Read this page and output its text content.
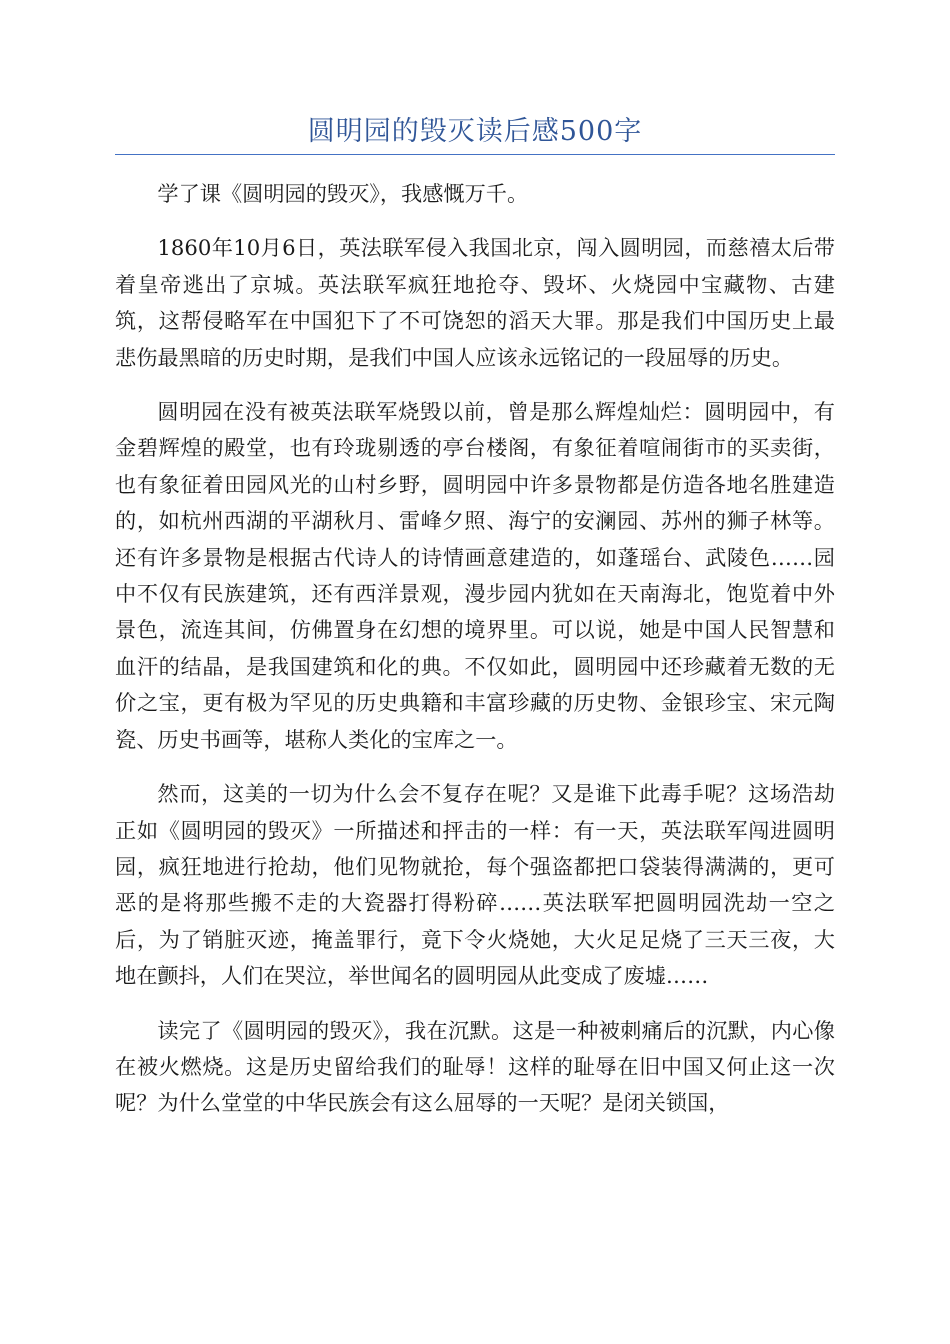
圆明园的毁灭读后感500字

学了课《圆明园的毁灭》，我感慨万千。

1860年10月6日，英法联军侵入我国北京，闯入圆明园，而慈禧太后带着皇帝逃出了京城。英法联军疯狂地抢夺、毁坏、火烧园中宝藏物、古建筑，这帮侵略军在中国犯下了不可饶恕的滔天大罪。那是我们中国历史上最悲伤最黑暗的历史时期，是我们中国人应该永远铭记的一段屈辱的历史。

圆明园在没有被英法联军烧毁以前，曾是那么辉煌灿烂：圆明园中，有金碧辉煌的殿堂，也有玲珑剔透的亭台楼阁，有象征着喧闹街市的买卖街，也有象征着田园风光的山村乡野，圆明园中许多景物都是仿造各地名胜建造的，如杭州西湖的平湖秋月、雷峰夕照、海宁的安澜园、苏州的狮子林等。还有许多景物是根据古代诗人的诗情画意建造的，如蓬瑶台、武陵色……园中不仅有民族建筑，还有西洋景观，漫步园内犹如在天南海北，饱览着中外景色，流连其间，仿佛置身在幻想的境界里。可以说，她是中国人民智慧和血汗的结晶，是我国建筑和化的典。不仅如此，圆明园中还珍藏着无数的无价之宝，更有极为罕见的历史典籍和丰富珍藏的历史物、金银珍宝、宋元陶瓷、历史书画等，堪称人类化的宝库之一。

然而，这美的一切为什么会不复存在呢？又是谁下此毒手呢？这场浩劫正如《圆明园的毁灭》一所描述和抨击的一样：有一天，英法联军闯进圆明园，疯狂地进行抢劫，他们见物就抢，每个强盗都把口袋装得满满的，更可恶的是将那些搬不走的大瓷器打得粉碎……英法联军把圆明园洗劫一空之后，为了销脏灭迹，掩盖罪行，竟下令火烧她，大火足足烧了三天三夜，大地在颤抖，人们在哭泣，举世闻名的圆明园从此变成了废墟……

读完了《圆明园的毁灭》，我在沉默。这是一种被刺痛后的沉默，内心像在被火燃烧。这是历史留给我们的耻辱！这样的耻辱在旧中国又何止这一次呢？为什么堂堂的中华民族会有这么屈辱的一天呢？是闭关锁国，
